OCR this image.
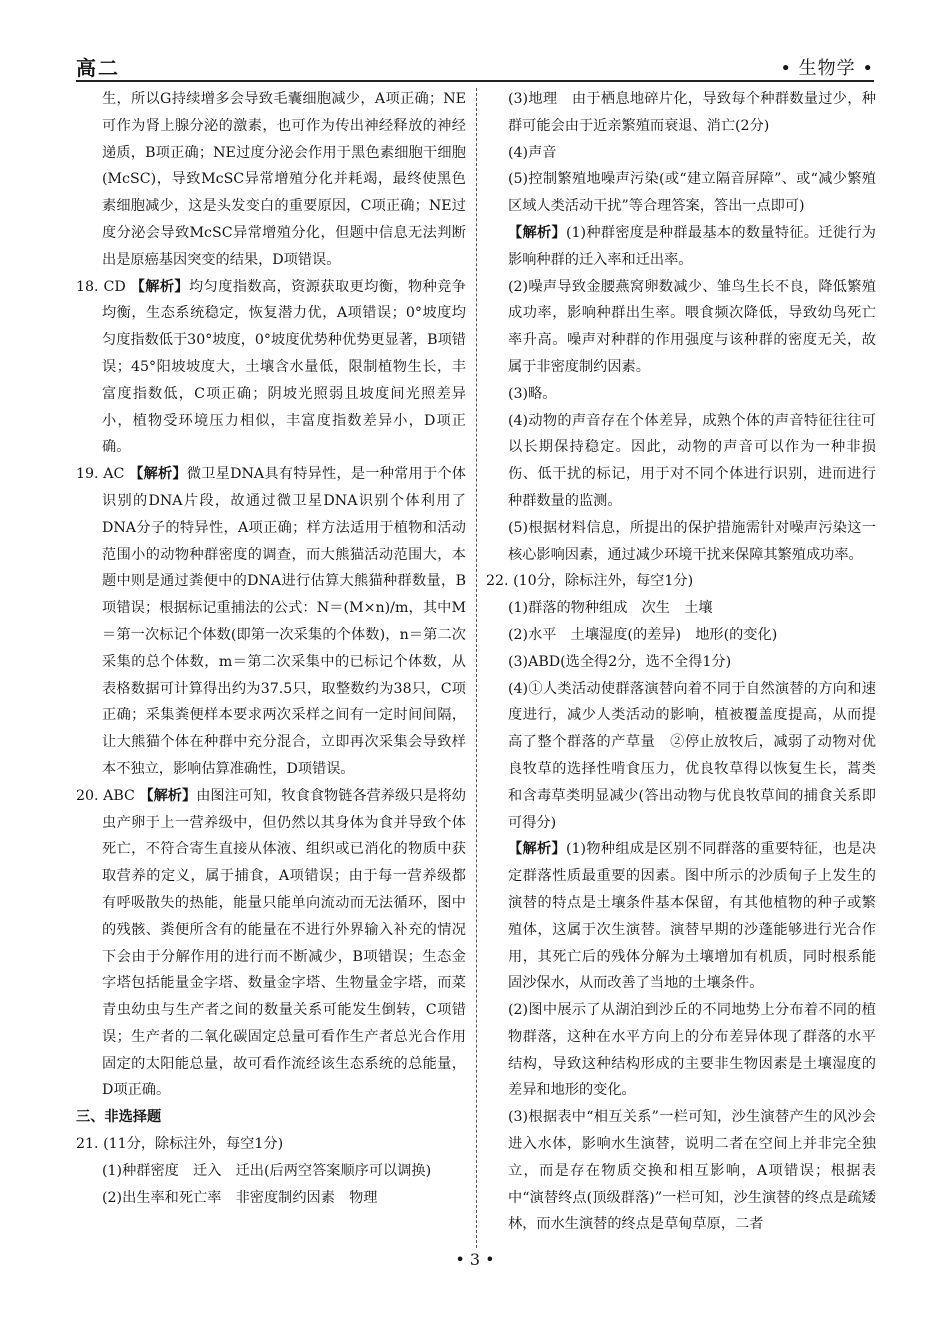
高二	• 生物学 •

生，所以G持续增多会导致毛囊细胞减少，A项正确；NE可作为肾上腺分泌的激素，也可作为传出神经释放的神经递质，B项正确；NE过度分泌会作用于黑色素细胞干细胞(McSC)，导致McSC异常增殖分化并耗竭，最终使黑色素细胞减少，这是头发变白的重要原因，C项正确；NE过度分泌会导致McSC异常增殖分化，但题中信息无法判断出是原癌基因突变的结果，D项错误。

18. CD 【解析】均匀度指数高，资源获取更均衡，物种竞争均衡，生态系统稳定，恢复潜力优，A项错误；0°坡度均匀度指数低于30°坡度，0°坡度优势种优势更显著，B项错误；45°阳坡坡度大，土壤含水量低，限制植物生长，丰富度指数低，C项正确；阴坡光照弱且坡度间光照差异小，植物受环境压力相似，丰富度指数差异小，D项正确。

19. AC 【解析】微卫星DNA具有特异性，是一种常用于个体识别的DNA片段，故通过微卫星DNA识别个体利用了DNA分子的特异性，A项正确；样方法适用于植物和活动范围小的动物种群密度的调查，而大熊猫活动范围大，本题中则是通过粪便中的DNA进行估算大熊猫种群数量，B项错误；根据标记重捕法的公式：N＝(M×n)/m，其中M＝第一次标记个体数(即第一次采集的个体数)，n＝第二次采集的总个体数，m＝第二次采集中的已标记个体数，从表格数据可计算得出约为37.5只，取整数约为38只，C项正确；采集粪便样本要求两次采样之间有一定时间间隔，让大熊猫个体在种群中充分混合，立即再次采集会导致样本不独立，影响估算准确性，D项错误。

20. ABC 【解析】由图注可知，牧食食物链各营养级只是将幼虫产卵于上一营养级中，但仍然以其身体为食并导致个体死亡，不符合寄生直接从体液、组织或已消化的物质中获取营养的定义，属于捕食，A项错误；由于每一营养级都有呼吸散失的热能，能量只能单向流动而无法循环，图中的残骸、粪便所含有的能量在不进行外界输入补充的情况下会由于分解作用的进行而不断减少，B项错误；生态金字塔包括能量金字塔、数量金字塔、生物量金字塔，而菜青虫幼虫与生产者之间的数量关系可能发生倒转，C项错误；生产者的二氧化碳固定总量可看作生产者总光合作用固定的太阳能总量，故可看作流经该生态系统的总能量，D项正确。

三、非选择题

21. (11分，除标注外，每空1分)

(1)种群密度　迁入　迁出(后两空答案顺序可以调换)

(2)出生率和死亡率　非密度制约因素　物理

(3)地理　由于栖息地碎片化，导致每个种群数量过少，种群可能会由于近亲繁殖而衰退、消亡(2分)

(4)声音

(5)控制繁殖地噪声污染(或“建立隔音屏障”、或“减少繁殖区域人类活动干扰”等合理答案，答出一点即可)

【解析】(1)种群密度是种群最基本的数量特征。迁徙行为影响种群的迁入率和迁出率。

(2)噪声导致金腰燕窝卵数减少、雏鸟生长不良，降低繁殖成功率，影响种群出生率。喂食频次降低，导致幼鸟死亡率升高。噪声对种群的作用强度与该种群的密度无关，故属于非密度制约因素。

(3)略。

(4)动物的声音存在个体差异，成熟个体的声音特征往往可以长期保持稳定。因此，动物的声音可以作为一种非损伤、低干扰的标记，用于对不同个体进行识别，进而进行种群数量的监测。

(5)根据材料信息，所提出的保护措施需针对噪声污染这一核心影响因素，通过减少环境干扰来保障其繁殖成功率。

22. (10分，除标注外，每空1分)

(1)群落的物种组成　次生　土壤

(2)水平　土壤湿度(的差异)　地形(的变化)

(3)ABD(选全得2分，选不全得1分)

(4)①人类活动使群落演替向着不同于自然演替的方向和速度进行，减少人类活动的影响，植被覆盖度提高，从而提高了整个群落的产草量　②停止放牧后，减弱了动物对优良牧草的选择性啃食压力，优良牧草得以恢复生长，蒿类和含毒草类明显减少(答出动物与优良牧草间的捕食关系即可得分)

【解析】(1)物种组成是区别不同群落的重要特征，也是决定群落性质最重要的因素。图中所示的沙质甸子上发生的演替的特点是土壤条件基本保留，有其他植物的种子或繁殖体，这属于次生演替。演替早期的沙蓬能够进行光合作用，其死亡后的残体分解为土壤增加有机质，同时根系能固沙保水，从而改善了当地的土壤条件。

(2)图中展示了从湖泊到沙丘的不同地势上分布着不同的植物群落，这种在水平方向上的分布差异体现了群落的水平结构，导致这种结构形成的主要非生物因素是土壤湿度的差异和地形的变化。

(3)根据表中“相互关系”一栏可知，沙生演替产生的风沙会进入水体，影响水生演替，说明二者在空间上并非完全独立，而是存在物质交换和相互影响，A项错误；根据表中“演替终点(顶级群落)”一栏可知，沙生演替的终点是疏矮林，而水生演替的终点是草甸草原，二者

• 3 •
